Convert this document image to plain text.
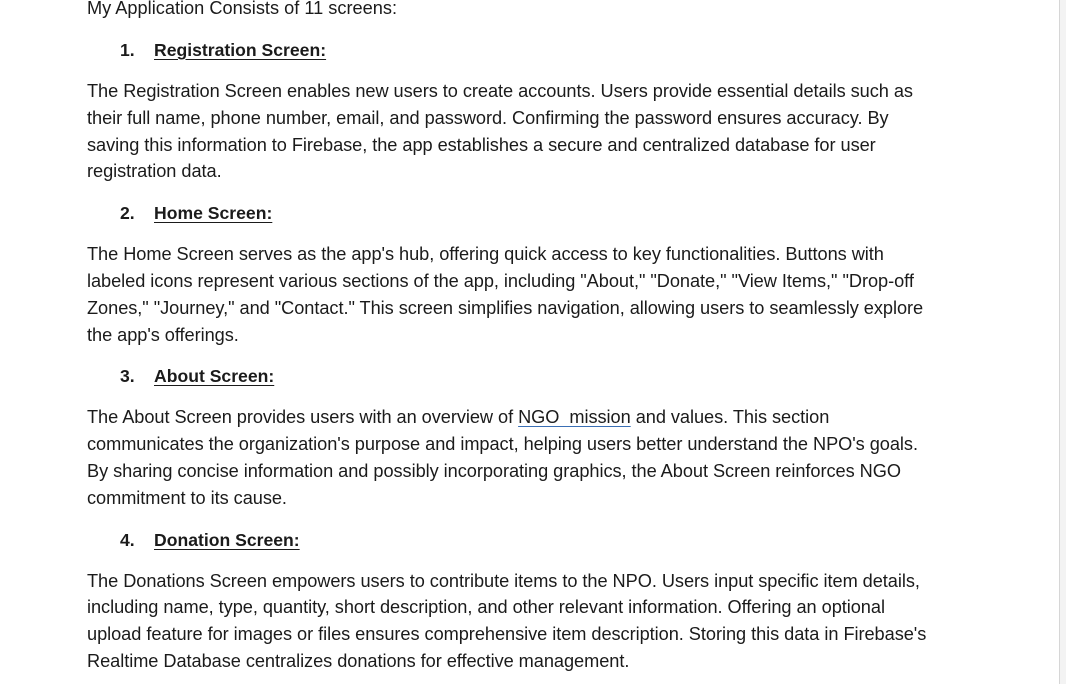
My Application Consists of 11 screens:

1.	Registration Screen:

The Registration Screen enables new users to create accounts. Users provide essential details such as their full name, phone number, email, and password. Confirming the password ensures accuracy. By saving this information to Firebase, the app establishes a secure and centralized database for user registration data.

2.	Home Screen:

The Home Screen serves as the app's hub, offering quick access to key functionalities. Buttons with labeled icons represent various sections of the app, including "About," "Donate," "View Items," "Drop-off Zones," "Journey," and "Contact." This screen simplifies navigation, allowing users to seamlessly explore the app's offerings.

3.	About Screen:

The About Screen provides users with an overview of NGO  mission and values. This section communicates the organization's purpose and impact, helping users better understand the NPO's goals. By sharing concise information and possibly incorporating graphics, the About Screen reinforces NGO commitment to its cause.

4.	Donation Screen:

The Donations Screen empowers users to contribute items to the NPO. Users input specific item details, including name, type, quantity, short description, and other relevant information. Offering an optional upload feature for images or files ensures comprehensive item description. Storing this data in Firebase's Realtime Database centralizes donations for effective management.
